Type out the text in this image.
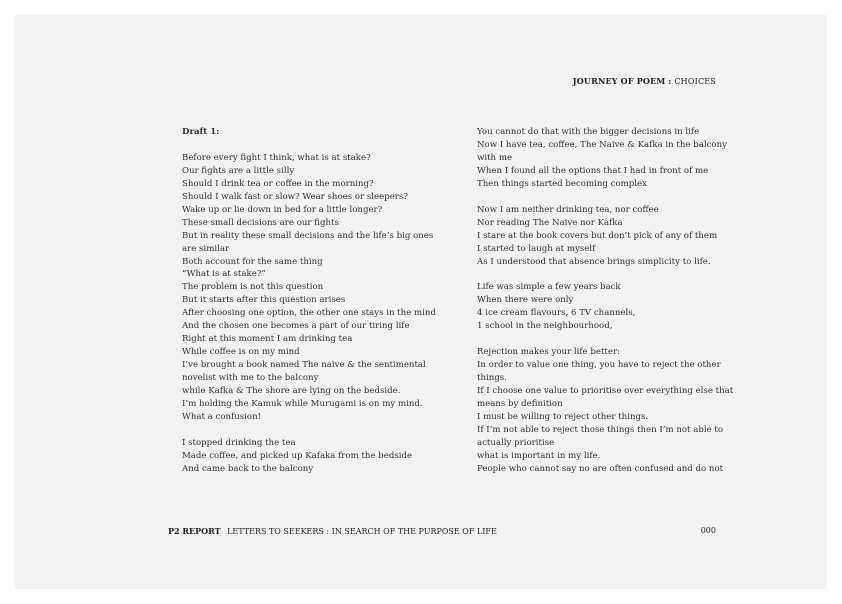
JOURNEY OF POEM : CHOICES
Draft 1:
Before every fight I think, what is at stake?
Our fights are a little silly
Should I drink tea or coffee in the morning?
Should I walk fast or slow? Wear shoes or sleepers?
Wake up or lie down in bed for a little longer?
These small decisions are our fights
But in reality these small decisions and the life’s big ones
are similar
Both account for the same thing
“What is at stake?”
The problem is not this question
But it starts after this question arises
After choosing one option, the other one stays in the mind
And the chosen one becomes a part of our tiring life
Right at this moment I am drinking tea
While coffee is on my mind
I’ve brought a book named The naive & the sentimental
novelist with me to the balcony
while Kafka & The shore are lying on the bedside.
I’m holding the Kamuk while Murugami is on my mind.
What a confusion!
I stopped drinking the tea
Made coffee, and picked up Kafaka from the bedside
And came back to the balcony
You cannot do that with the bigger decisions in life
Now I have tea, coffee, The Naive & Kafka in the balcony
with me
When I found all the options that I had in front of me
Then things started becoming complex
Now I am neither drinking tea, nor coffee
Nor reading The Naive nor Kafka
I stare at the book covers but don’t pick of any of them
I started to laugh at myself
As I understood that absence brings simplicity to life.
Life was simple a few years back
When there were only
4 ice cream flavours, 6 TV channels,
1 school in the neighbourhood,
Rejection makes your life better:
In order to value one thing, you have to reject the other
things.
If I choose one value to prioritise over everything else that
means by definition
I must be willing to reject other things.
If I’m not able to reject those things then I’m not able to
actually prioritise
what is important in my life.
People who cannot say no are often confused and do not
P2 REPORT LETTERS TO SEEKERS : IN SEARCH OF THE PURPOSE OF LIFE	000
